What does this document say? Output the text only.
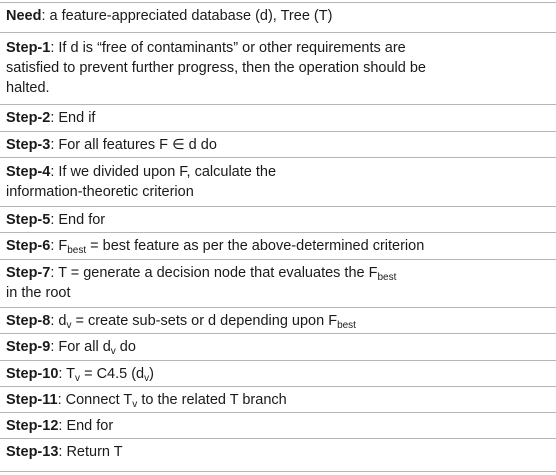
Need: a feature-appreciated database (d), Tree (T)
Step-1: If d is “free of contaminants” or other requirements are satisfied to prevent further progress, then the operation should be halted.
Step-2: End if
Step-3: For all features F ∈ d do
Step-4: If we divided upon F, calculate the information-theoretic criterion
Step-5: End for
Step-6: $F_{best}$ = best feature as per the above-determined criterion
Step-7: T = generate a decision node that evaluates the $F_{best}$ in the root
Step-8: $d_v$ = create sub-sets or d depending upon $F_{best}$
Step-9: For all $d_v$ do
Step-10: $T_v = C4.5$ $(d_v)$
Step-11: Connect $T_v$ to the related T branch
Step-12: End for
Step-13: Return T
